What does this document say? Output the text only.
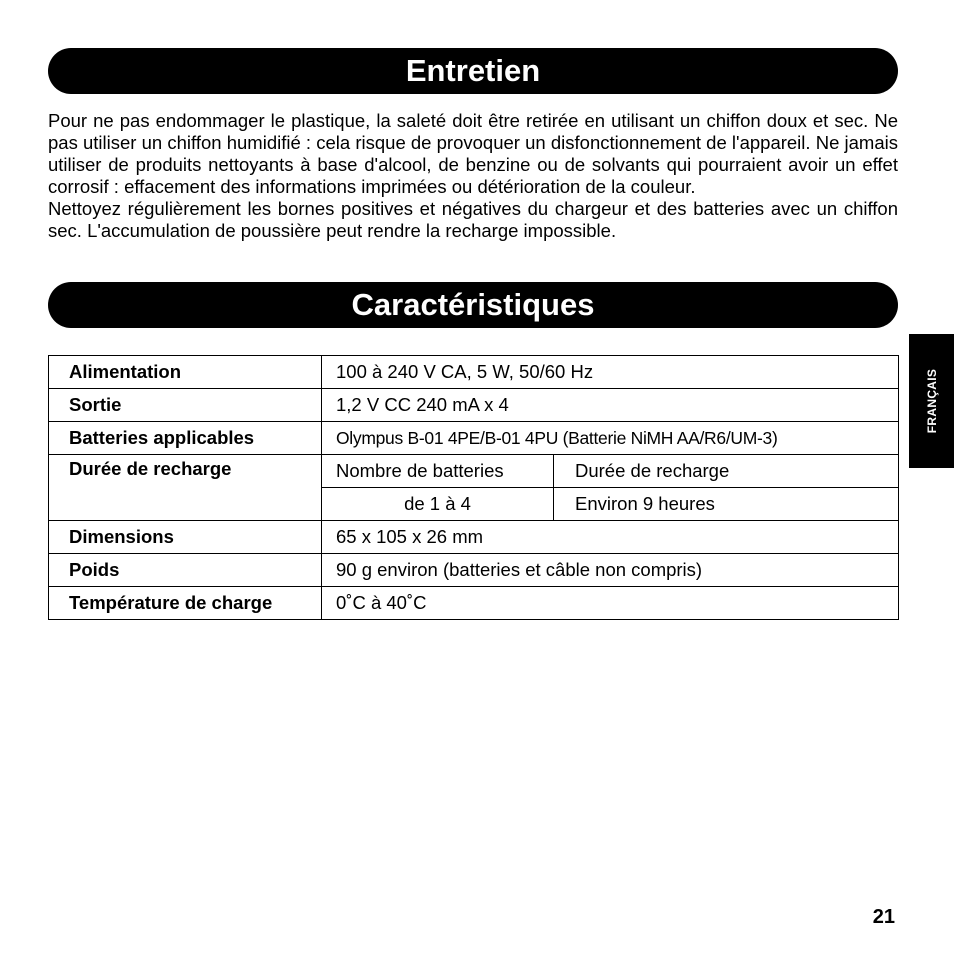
Entretien

Pour ne pas endommager le plastique, la saleté doit être retirée en utilisant un chiffon doux et sec. Ne pas utiliser un chiffon humidifié : cela risque de provoquer un disfonctionnement de l'appareil. Ne jamais utiliser de produits nettoyants à base d'alcool, de benzine ou de solvants qui pourraient avoir un effet corrosif : effacement des informations imprimées ou détérioration de la couleur.

Nettoyez régulièrement les bornes positives et négatives du chargeur et des batteries avec un chiffon sec. L'accumulation de poussière peut rendre la recharge impossible.

Caractéristiques
Alimentation	100 à 240 V CA, 5 W, 50/60 Hz	
Sortie	1,2 V CC 240 mA x 4	
Batteries applicables	Olympus B-01 4PE/B-01 4PU (Batterie NiMH AA/R6/UM-3)	
Durée de recharge	Nombre de batteries	Durée de recharge
	de 1 à 4	Environ 9 heures
Dimensions	65 x 105 x 26 mm	
Poids	90 g environ (batteries et câble non compris)	
Température de charge	0˚C à 40˚C	
FRANÇAIS
21
